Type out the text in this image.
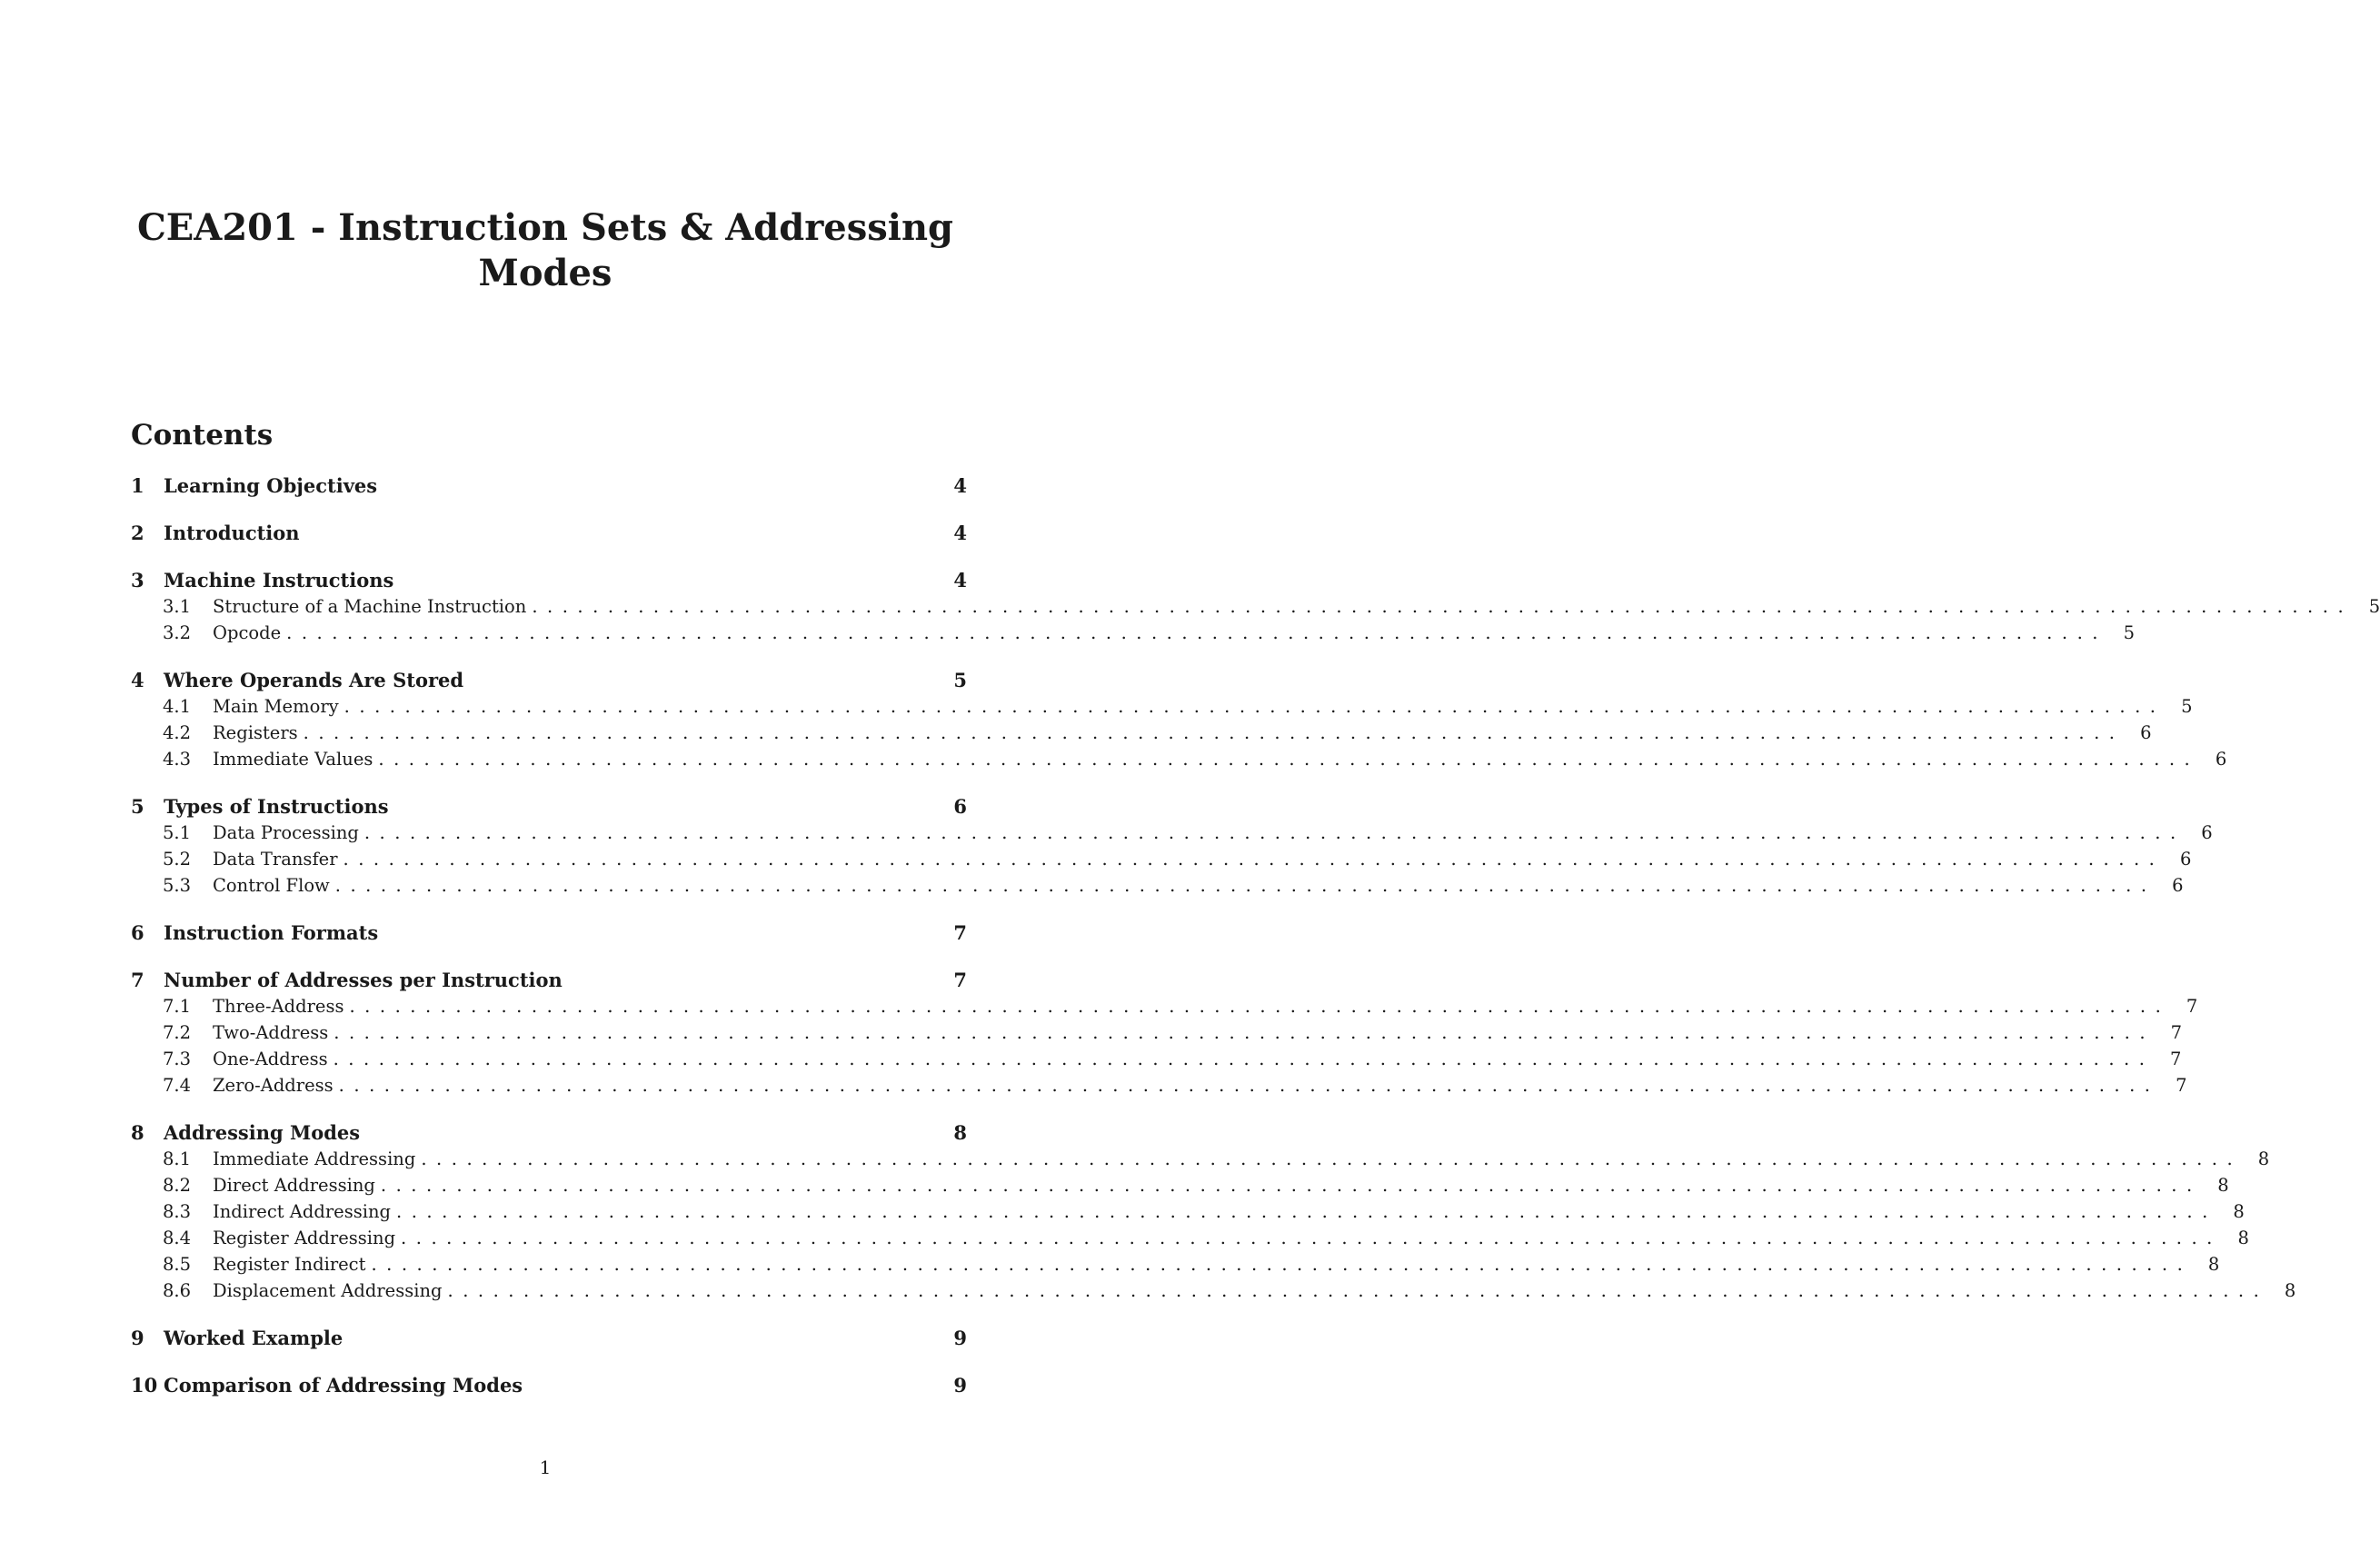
CEA201 - Instruction Sets & Addressing
Modes
Contents
1	Learning Objectives	4
2	Introduction	4
3	Machine Instructions	4
3.1	Structure of a Machine Instruction ........................................................................................................................ 5
3.2	Opcode ........................................................................................................................ 5
4	Where Operands Are Stored	5
4.1	Main Memory ........................................................................................................................ 5
4.2	Registers ........................................................................................................................ 6
4.3	Immediate Values ........................................................................................................................ 6
5	Types of Instructions	6
5.1	Data Processing ........................................................................................................................ 6
5.2	Data Transfer ........................................................................................................................ 6
5.3	Control Flow ........................................................................................................................ 6
6	Instruction Formats	7
7	Number of Addresses per Instruction	7
7.1	Three-Address ........................................................................................................................ 7
7.2	Two-Address ........................................................................................................................ 7
7.3	One-Address ........................................................................................................................ 7
7.4	Zero-Address ........................................................................................................................ 7
8	Addressing Modes	8
8.1	Immediate Addressing ........................................................................................................................ 8
8.2	Direct Addressing ........................................................................................................................ 8
8.3	Indirect Addressing ........................................................................................................................ 8
8.4	Register Addressing ........................................................................................................................ 8
8.5	Register Indirect ........................................................................................................................ 8
8.6	Displacement Addressing ........................................................................................................................ 8
9	Worked Example	9
10 Comparison of Addressing Modes	9
1
